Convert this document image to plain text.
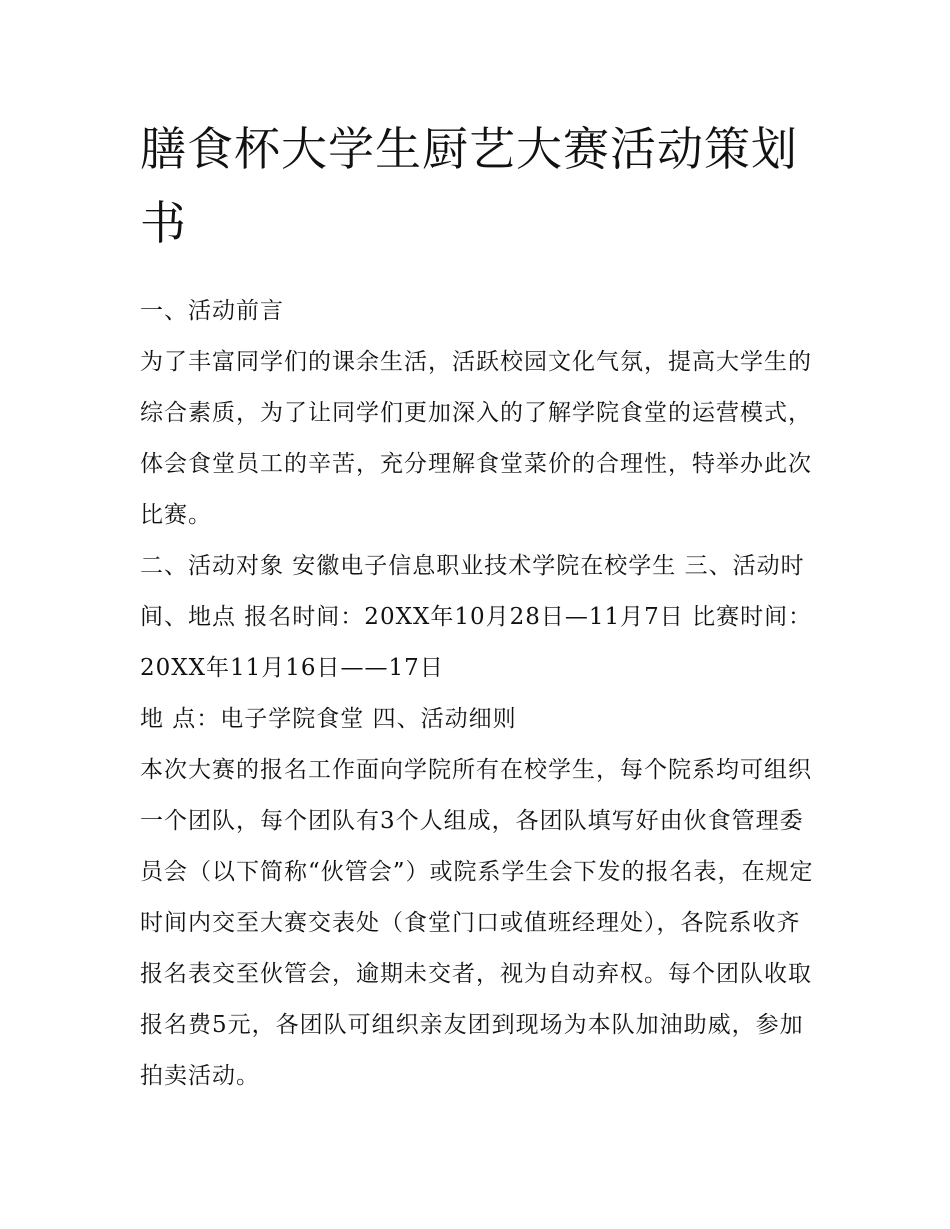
膳食杯大学生厨艺大赛活动策划书

一、活动前言

为了丰富同学们的课余生活，活跃校园文化气氛，提高大学生的综合素质，为了让同学们更加深入的了解学院食堂的运营模式，体会食堂员工的辛苦，充分理解食堂菜价的合理性，特举办此次比赛。

二、活动对象 安徽电子信息职业技术学院在校学生 三、活动时间、地点 报名时间：20XX年10月28日—11月7日 比赛时间：20XX年11月16日——17日

地 点：电子学院食堂 四、活动细则

本次大赛的报名工作面向学院所有在校学生，每个院系均可组织一个团队，每个团队有3个人组成，各团队填写好由伙食管理委员会（以下简称“伙管会”）或院系学生会下发的报名表，在规定时间内交至大赛交表处（食堂门口或值班经理处），各院系收齐报名表交至伙管会，逾期未交者，视为自动弃权。每个团队收取报名费5元，各团队可组织亲友团到现场为本队加油助威，参加拍卖活动。
